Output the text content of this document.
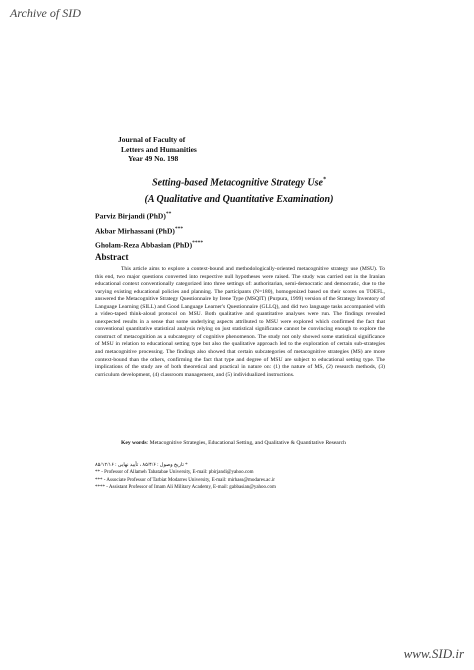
Archive of SID
Journal of Faculty of
Letters and Humanities
Year 49 No. 198
Setting-based Metacognitive Strategy Use*
(A Qualitative and Quantitative Examination)
Parviz Birjandi (PhD)**
Akbar Mirhassani (PhD)***
Gholam-Reza Abbasian (PhD)****
Abstract

This article aims to explore a context-bound and methodologically-oriented metacognitive strategy use (MSU). To this end, two major questions converted into respective null hypotheses were raised. The study was carried out in the Iranian educational context conventionally categorized into three settings of: authoritarian, semi-democratic and democratic, due to the varying existing educational policies and planning. The participants (N=180), homogenized based on their scores on TOEFL, answered the Metacognitive Strategy Questionnaire by Irene Type (MSQIT) (Purpura, 1999) version of the Strategy Inventory of Language Learning (SILL) and Good Language Learner's Questionnaire (GLLQ), and did two language tasks accompanied with a video-taped think-aloud protocol on MSU. Both qualitative and quantitative analyses were run. The findings revealed unexpected results in a sense that some underlying aspects attributed to MSU were explored which confirmed the fact that conventional quantitative statistical analysis relying on just statistical significance cannot be convincing enough to explore the construct of metacognition as a subcategory of cognitive phenomenon. The study not only showed some statistical significance of MSU in relation to educational setting type but also the qualitative approach led to the exploration of certain sub-strategies and metacognitive processing. The findings also showed that certain subcategories of metacognitive strategies (MS) are more context-bound than the others, confirming the fact that type and degree of MSU are subject to educational setting type. The implications of the study are of both theoretical and practical in nature on: (1) the nature of MS, (2) research methods, (3) curriculum development, (4) classroom management, and (5) individualized instructions.

Key words: Metacognitive Strategies, Educational Setting, and Qualitative & Quantitative Research

* تاریخ وصول : ۸۵/۴/۶ ، تأیید نهایی : ۸۵/۱۲/۱۶
** - Professor of Allameh Tabatabae University, E-mail: pbirjandi@yahoo.com
*** - Associate Professor of Tarbiat Modarres University, E-mail: mirhass@modares.ac.ir
**** - Assistant Professor of Imam Ali Military Academy, E-mail: gabbasian@yahoo.com
www.SID.ir
